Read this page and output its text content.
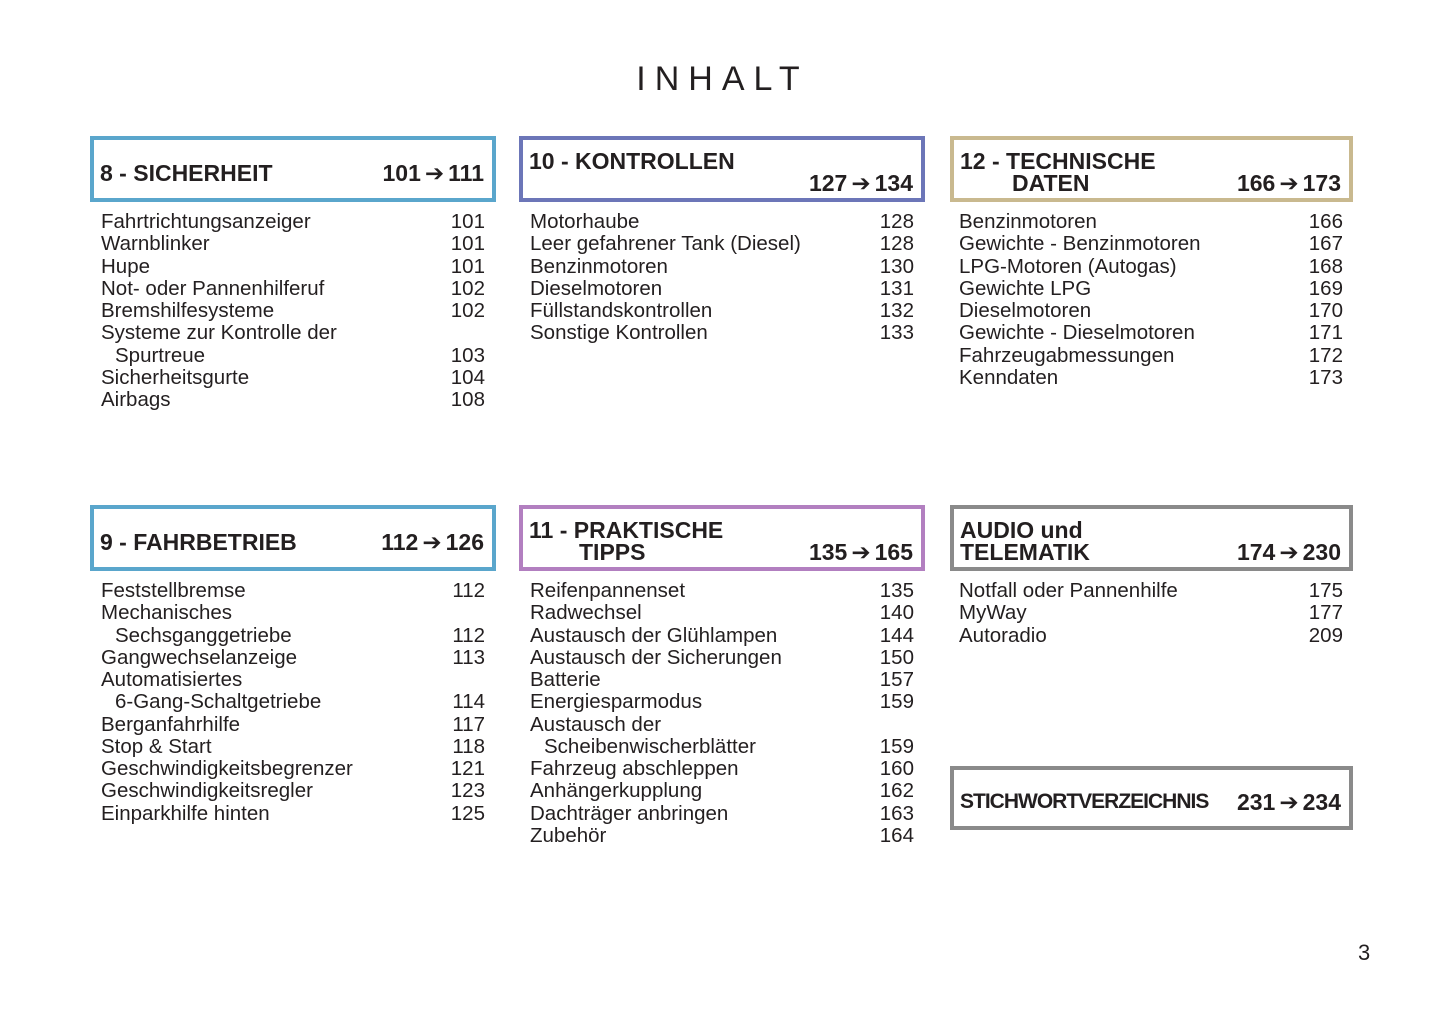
INHALT
8 - SICHERHEIT	101 ➔ 111
Fahrtrichtungsanzeiger	101
Warnblinker	101
Hupe	101
Not- oder Pannenhilferuf	102
Bremshilfesysteme	102
Systeme zur Kontrolle der
Spurtreue	103
Sicherheitsgurte	104
Airbags	108
10 - KONTROLLEN
127 ➔ 134
Motorhaube	128
Leer gefahrener Tank (Diesel)	128
Benzinmotoren	130
Dieselmotoren	131
Füllstandskontrollen	132
Sonstige Kontrollen	133
12 - TECHNISCHE
DATEN	166 ➔ 173
Benzinmotoren	166
Gewichte - Benzinmotoren	167
LPG-Motoren (Autogas)	168
Gewichte LPG	169
Dieselmotoren	170
Gewichte - Dieselmotoren	171
Fahrzeugabmessungen	172
Kenndaten	173
9 - FAHRBETRIEB	112 ➔ 126
Feststellbremse	112
Mechanisches
Sechsganggetriebe	112
Gangwechselanzeige	113
Automatisiertes
6-Gang-Schaltgetriebe	114
Berganfahrhilfe	117
Stop & Start	118
Geschwindigkeitsbegrenzer	121
Geschwindigkeitsregler	123
Einparkhilfe hinten	125
11 - PRAKTISCHE
TIPPS	135 ➔ 165
Reifenpannenset	135
Radwechsel	140
Austausch der Glühlampen	144
Austausch der Sicherungen	150
Batterie	157
Energiesparmodus	159
Austausch der
Scheibenwischerblätter	159
Fahrzeug abschleppen	160
Anhängerkupplung	162
Dachträger anbringen	163
Zubehör	164
AUDIO und
TELEMATIK	174 ➔ 230
Notfall oder Pannenhilfe	175
MyWay	177
Autoradio	209
STICHWORTVERZEICHNIS 231 ➔ 234
3
